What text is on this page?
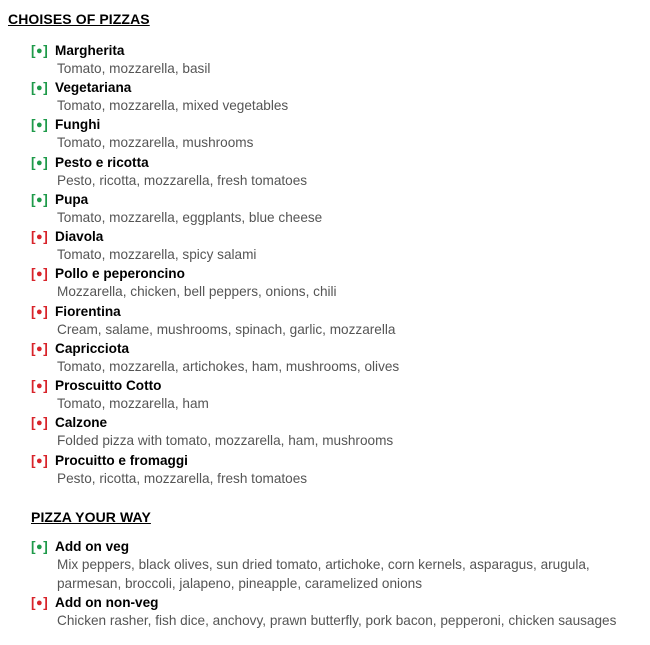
CHOISES OF PIZZAS
[●] Margherita
Tomato, mozzarella, basil
[●] Vegetariana
Tomato, mozzarella, mixed vegetables
[●] Funghi
Tomato, mozzarella, mushrooms
[●] Pesto e ricotta
Pesto, ricotta, mozzarella, fresh tomatoes
[●] Pupa
Tomato, mozzarella, eggplants, blue cheese
[●] Diavola
Tomato, mozzarella, spicy salami
[●] Pollo e peperoncino
Mozzarella, chicken, bell peppers, onions, chili
[●] Fiorentina
Cream, salame, mushrooms, spinach, garlic, mozzarella
[●] Capricciota
Tomato, mozzarella, artichokes, ham, mushrooms, olives
[●] Proscuitto Cotto
Tomato, mozzarella, ham
[●] Calzone
Folded pizza with tomato, mozzarella, ham, mushrooms
[●] Procuitto e fromaggi
Pesto, ricotta, mozzarella, fresh tomatoes
PIZZA YOUR WAY
[●] Add on veg
Mix peppers, black olives, sun dried tomato, artichoke, corn kernels, asparagus, arugula, parmesan, broccoli, jalapeno, pineapple, caramelized onions
[●] Add on non-veg
Chicken rasher, fish dice, anchovy, prawn butterfly, pork bacon, pepperoni, chicken sausages
